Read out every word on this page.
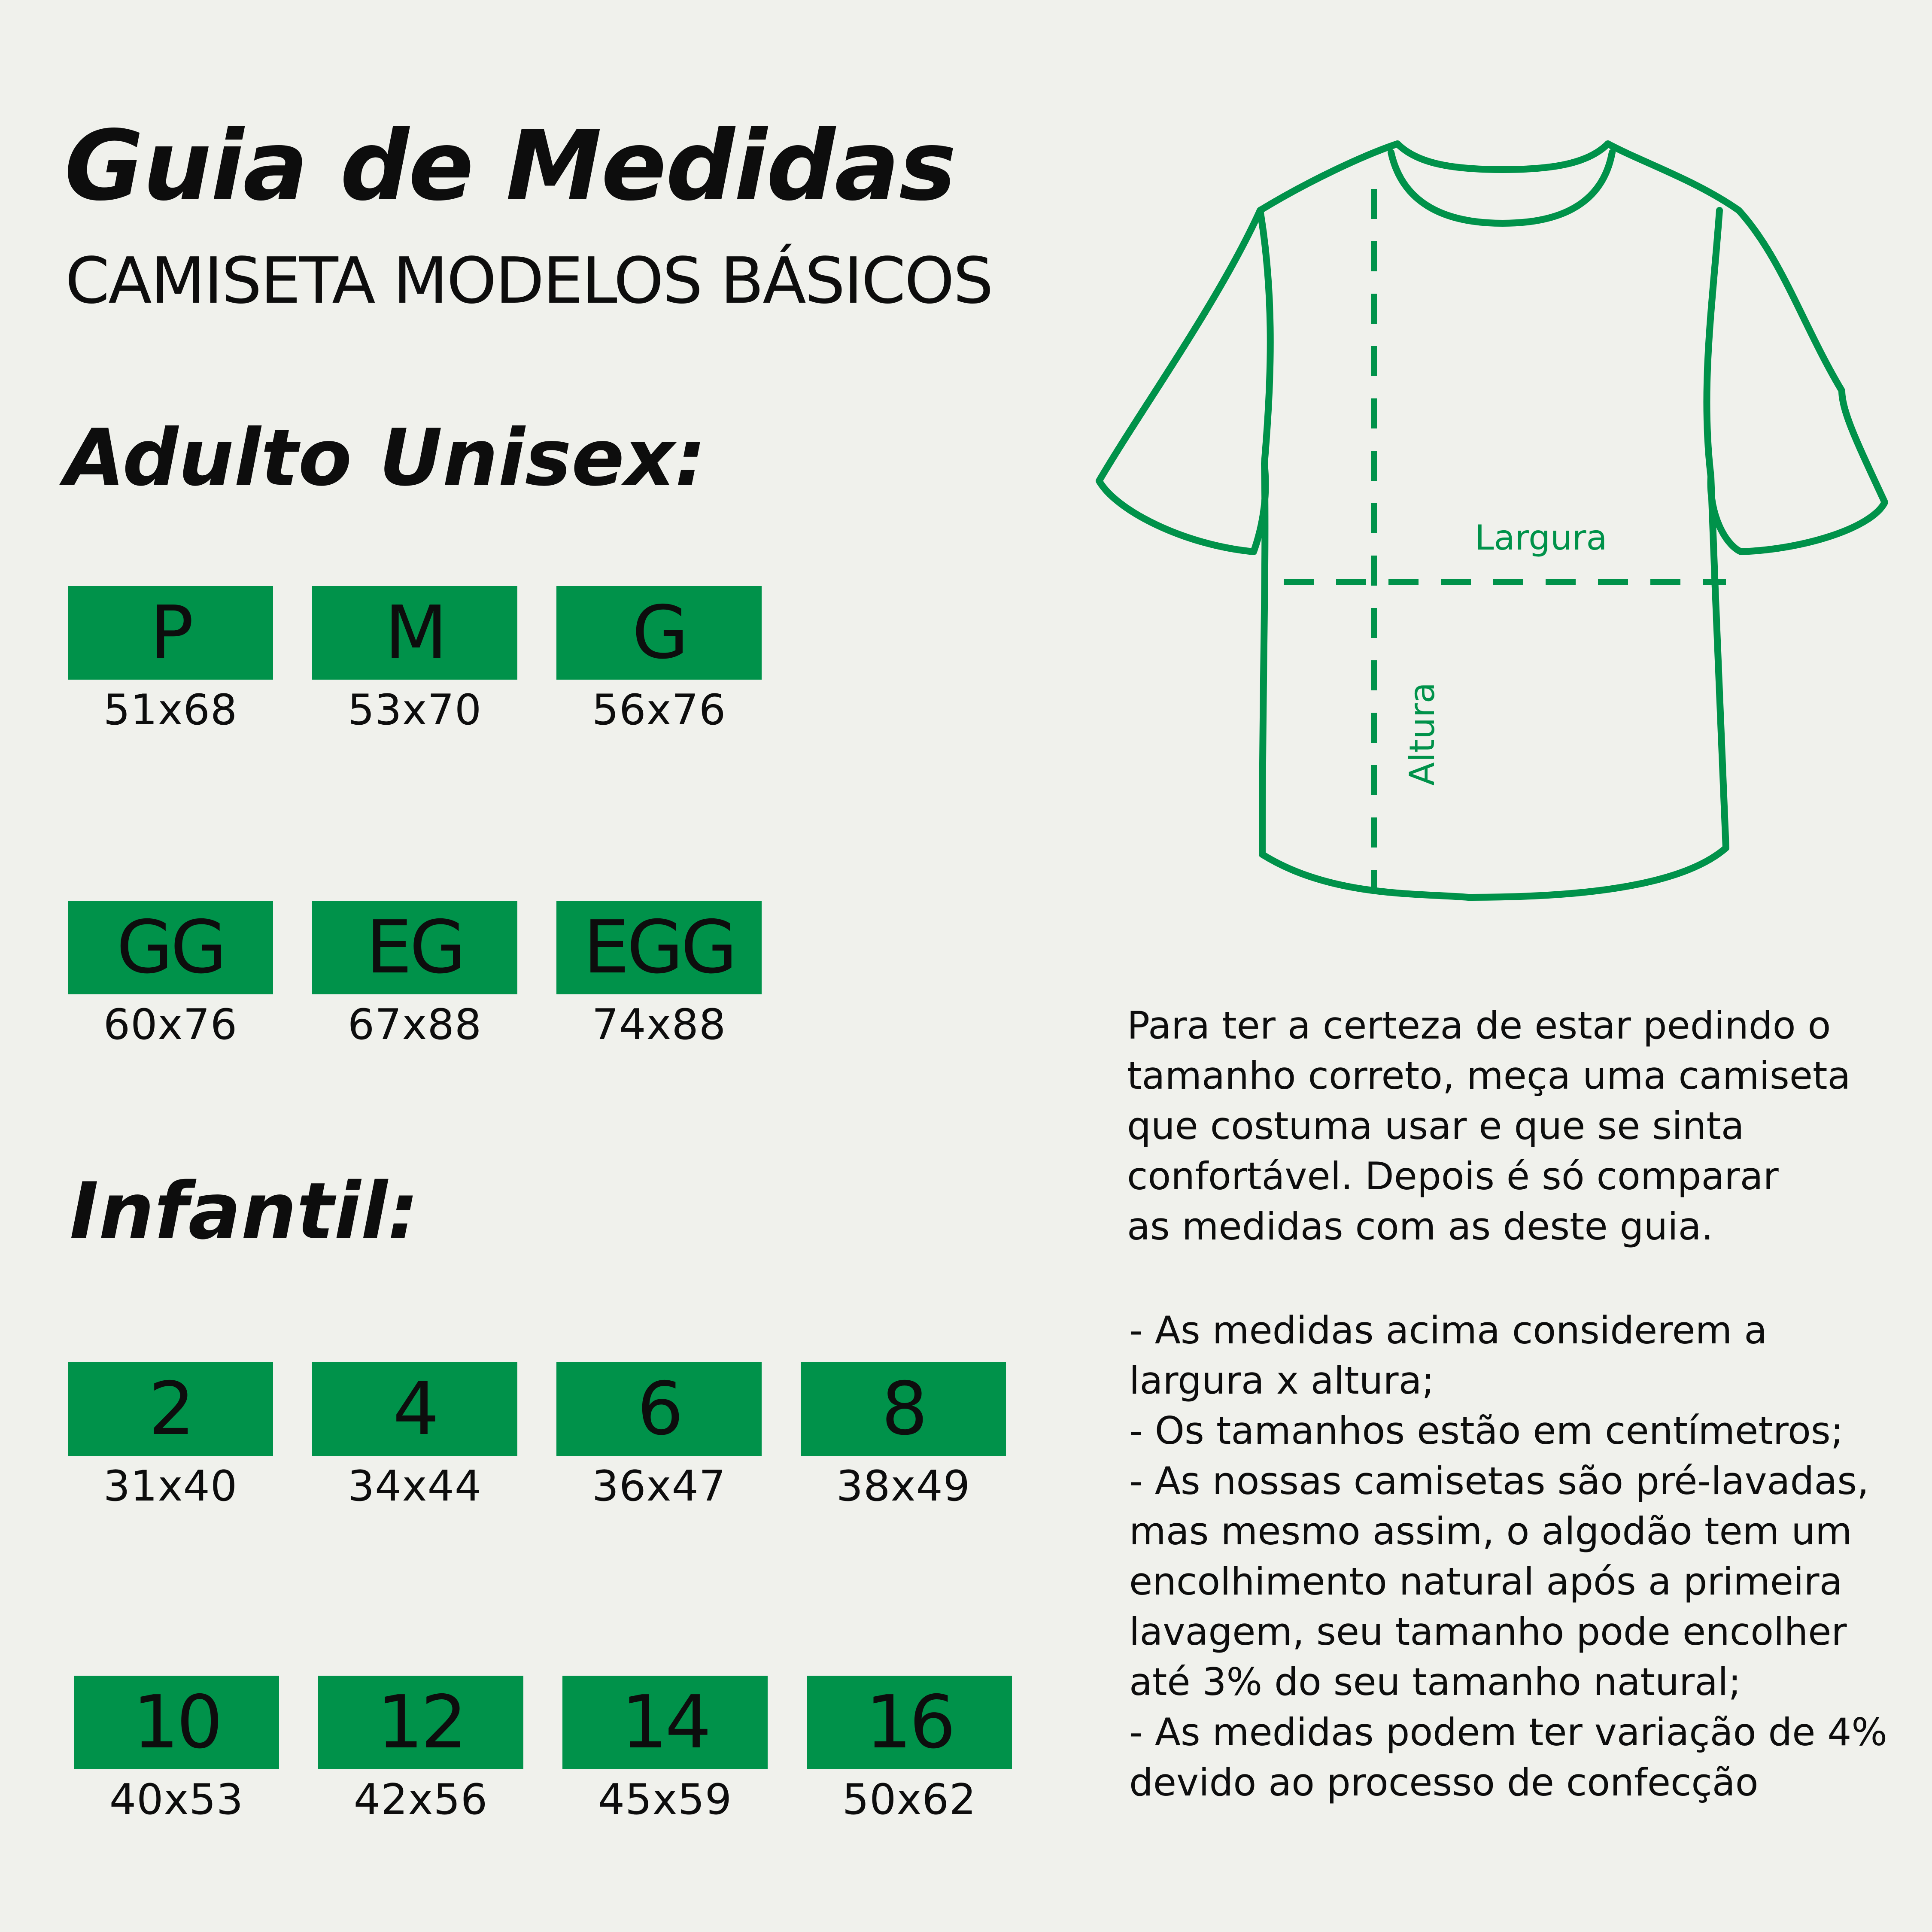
Guia de Medidas
CAMISETA MODELOS BÁSICOS
Adulto Unisex:
P
51x68
M
53x70
G
56x76
GG
60x76
EG
67x88
EGG
74x88
Infantil:
2
31x40
4
34x44
6
36x47
8
38x49
10
40x53
12
42x56
14
45x59
16
50x62
Largura
Altura

Para ter a certeza de estar pedindo o

tamanho correto, meça uma camiseta

que costuma usar e que se sinta

confortável. Depois é só comparar

as medidas com as deste guia.

- As medidas acima considerem a
largura x altura;
- Os tamanhos estão em centímetros;
- As nossas camisetas são pré-lavadas,
mas mesmo assim, o algodão tem um
encolhimento natural após a primeira
lavagem, seu tamanho pode encolher
até 3% do seu tamanho natural;
- As medidas podem ter variação de 4%
devido ao processo de confecção
